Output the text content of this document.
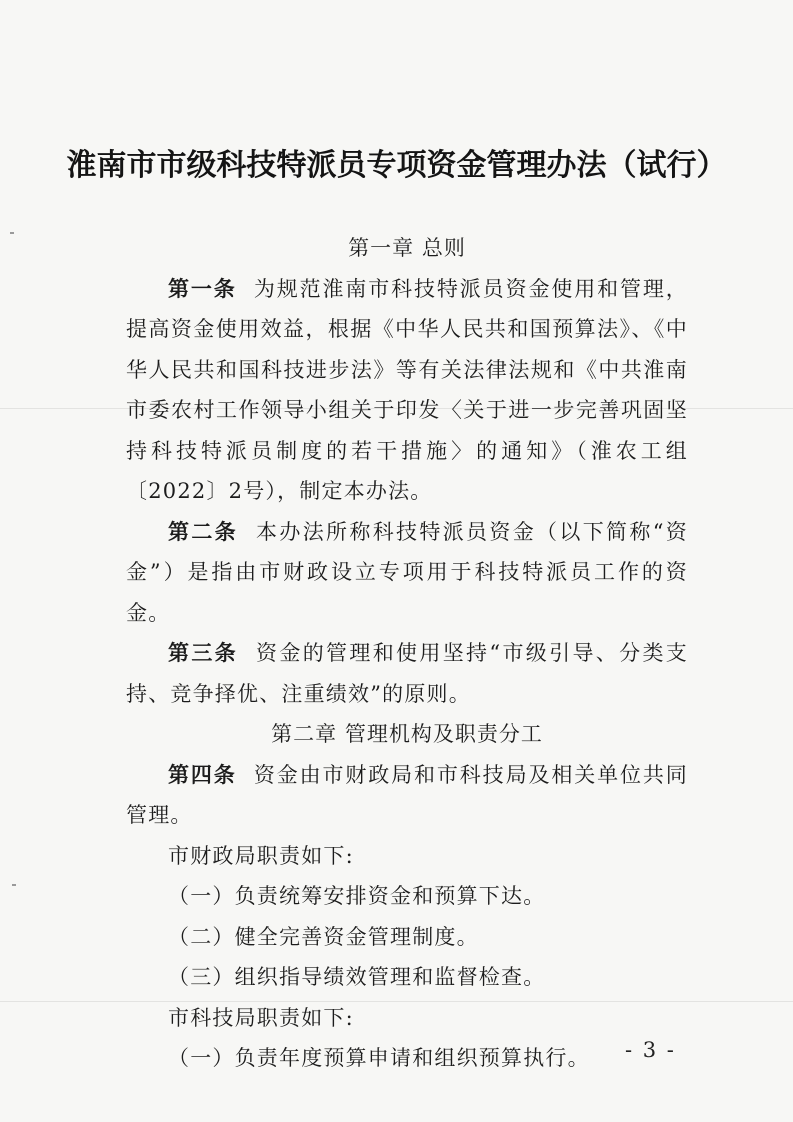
淮南市市级科技特派员专项资金管理办法（试行）

第一章 总则

第一条 为规范淮南市科技特派员资金使用和管理，提高资金使用效益，根据《中华人民共和国预算法》、《中华人民共和国科技进步法》等有关法律法规和《中共淮南市委农村工作领导小组关于印发〈关于进一步完善巩固坚持科技特派员制度的若干措施〉的通知》（淮农工组〔2022〕2号），制定本办法。

第二条 本办法所称科技特派员资金（以下简称“资金”）是指由市财政设立专项用于科技特派员工作的资金。

第三条 资金的管理和使用坚持“市级引导、分类支持、竞争择优、注重绩效”的原则。

第二章 管理机构及职责分工

第四条 资金由市财政局和市科技局及相关单位共同管理。

市财政局职责如下:

（一）负责统筹安排资金和预算下达。

（二）健全完善资金管理制度。

（三）组织指导绩效管理和监督检查。

市科技局职责如下:

（一）负责年度预算申请和组织预算执行。	- 3 -
